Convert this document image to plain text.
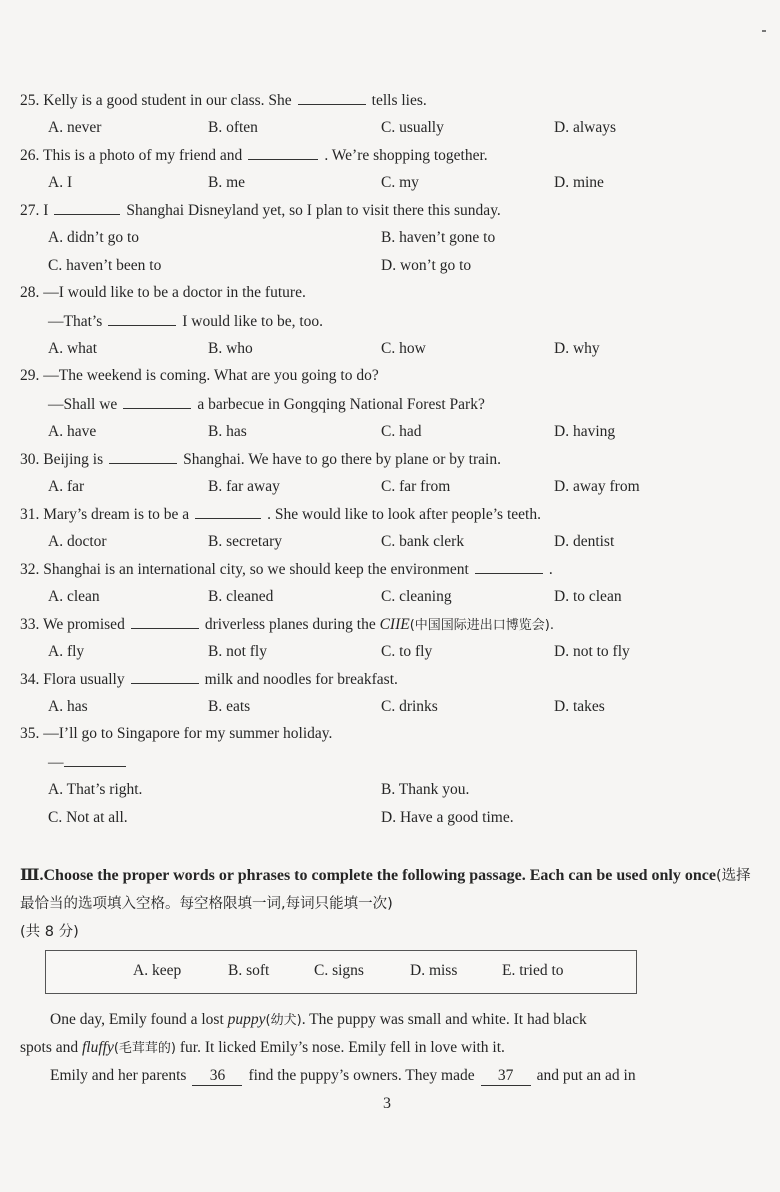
25. Kelly is a good student in our class. She	tells lies.
A. never	B. often	C. usually	D. always
26. This is a photo of my friend and	. We’re shopping together.
A. I	B. me	C. my	D. mine
27. I	Shanghai Disneyland yet, so I plan to visit there this sunday.
A. didn’t go to	B. haven’t gone to
C. haven’t been to	D. won’t go to
28. —I would like to be a doctor in the future.
—That’s	I would like to be, too.
A. what	B. who	C. how	D. why
29. —The weekend is coming. What are you going to do?
—Shall we	a barbecue in Gongqing National Forest Park?
A. have	B. has	C. had	D. having
30. Beijing is	Shanghai. We have to go there by plane or by train.
A. far	B. far away	C. far from	D. away from
31. Mary’s dream is to be a	. She would like to look after people’s teeth.
A. doctor	B. secretary	C. bank clerk	D. dentist
32. Shanghai is an international city, so we should keep the environment	.
A. clean	B. cleaned	C. cleaning	D. to clean
33. We promised	driverless planes during the CIIE(中国国际进出口博览会).
A. fly	B. not fly	C. to fly	D. not to fly
34. Flora usually	milk and noodles for breakfast.
A. has	B. eats	C. drinks	D. takes
35. —I’ll go to Singapore for my summer holiday.
—
A. That’s right.	B. Thank you.
C. Not at all.	D. Have a good time.
Ⅲ.Choose the proper words or phrases to complete the following passage. Each can be used only once(选择最恰当的选项填入空格。每空格限填一词,每词只能填一次)
(共 8 分)
A. keep	B. soft	C. signs	D. miss	E. tried to
One day, Emily found a lost puppy(幼犬). The puppy was small and white. It had black
spots and fluffy(毛茸茸的) fur. It licked Emily’s nose. Emily fell in love with it.
Emily and her parents 36 find the puppy’s owners. They made 37 and put an ad in
3
